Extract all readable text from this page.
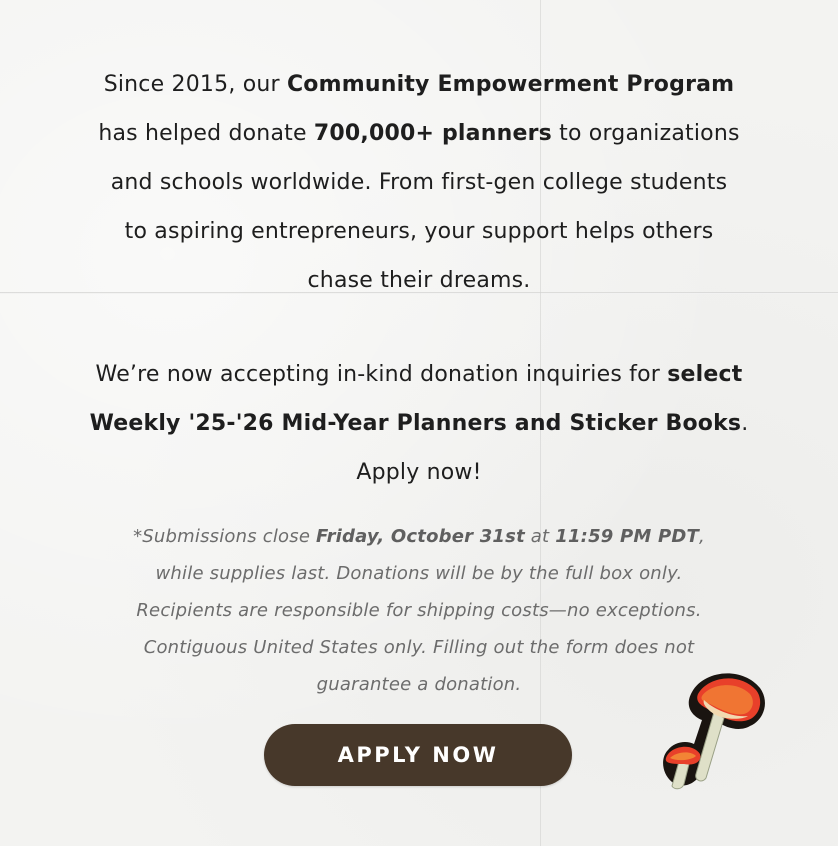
Since 2015, our Community Empowerment Program
has helped donate 700,000+ planners to organizations
and schools worldwide. From first-gen college students
to aspiring entrepreneurs, your support helps others
chase their dreams.

We’re now accepting in-kind donation inquiries for select
Weekly '25-'26 Mid-Year Planners and Sticker Books.
Apply now!

*Submissions close Friday, October 31st at 11:59 PM PDT,
while supplies last. Donations will be by the full box only.
Recipients are responsible for shipping costs—no exceptions.
Contiguous United States only. Filling out the form does not
guarantee a donation.

APPLY NOW
